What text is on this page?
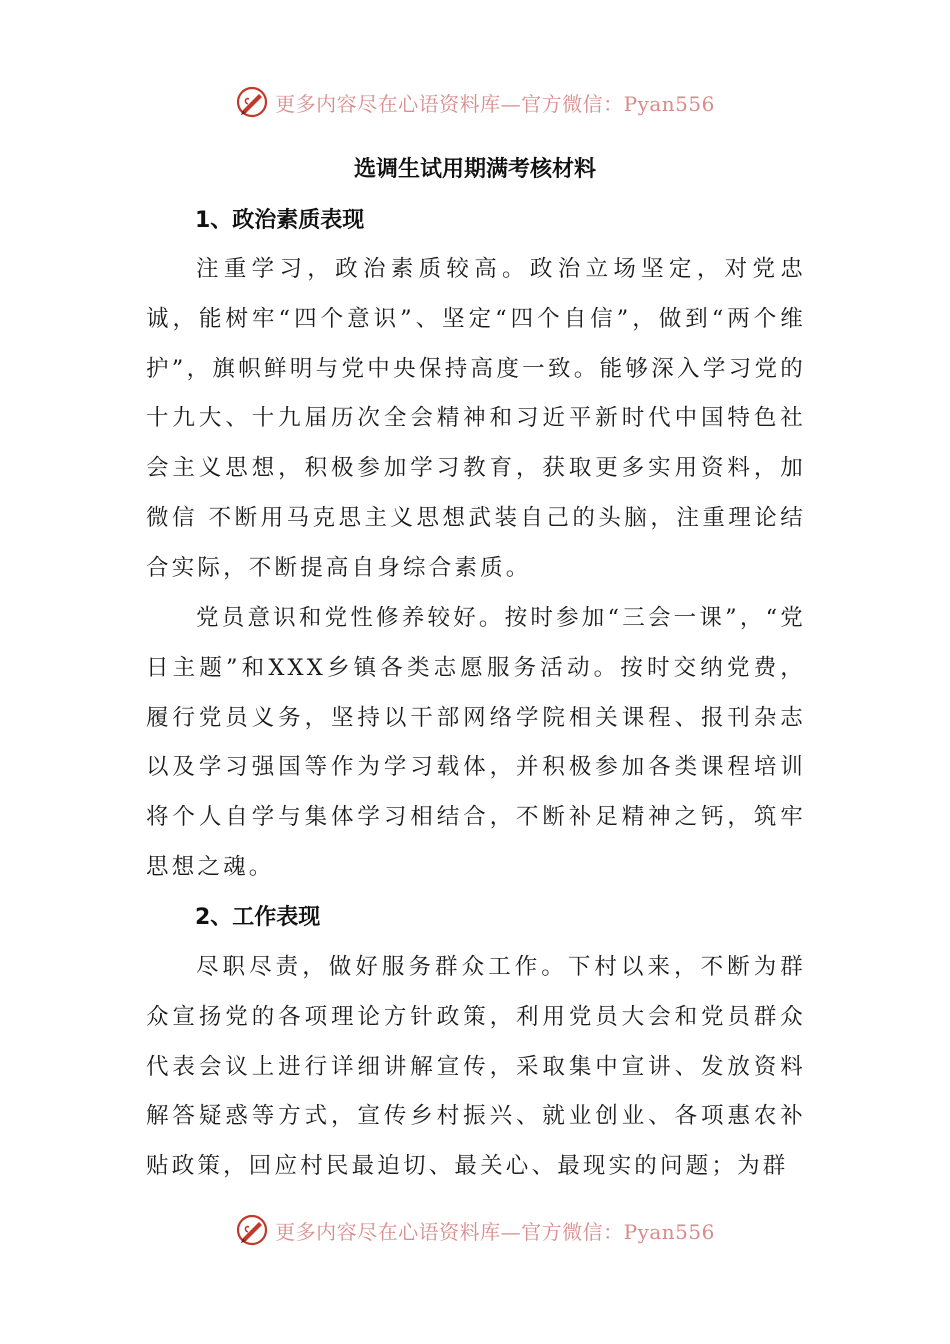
更多内容尽在心语资料库—官方微信：Pyan556
选调生试用期满考核材料
1、政治素质表现

注重学习，政治素质较高。政治立场坚定，对党忠诚，能树牢“四个意识”、坚定“四个自信”，做到“两个维护”，旗帜鲜明与党中央保持高度一致。能够深入学习党的十九大、十九届历次全会精神和习近平新时代中国特色社会主义思想，积极参加学习教育，获取更多实用资料，加微信 不断用马克思主义思想武装自己的头脑，注重理论结合实际，不断提高自身综合素质。

党员意识和党性修养较好。按时参加“三会一课”，“党日主题”和XXX乡镇各类志愿服务活动。按时交纳党费，履行党员义务，坚持以干部网络学院相关课程、报刊杂志以及学习强国等作为学习载体，并积极参加各类课程培训将个人自学与集体学习相结合，不断补足精神之钙，筑牢思想之魂。

2、工作表现

尽职尽责，做好服务群众工作。下村以来，不断为群众宣扬党的各项理论方针政策，利用党员大会和党员群众代表会议上进行详细讲解宣传，采取集中宣讲、发放资料解答疑惑等方式，宣传乡村振兴、就业创业、各项惠农补贴政策，回应村民最迫切、最关心、最现实的问题；为群

更多内容尽在心语资料库—官方微信：Pyan556
